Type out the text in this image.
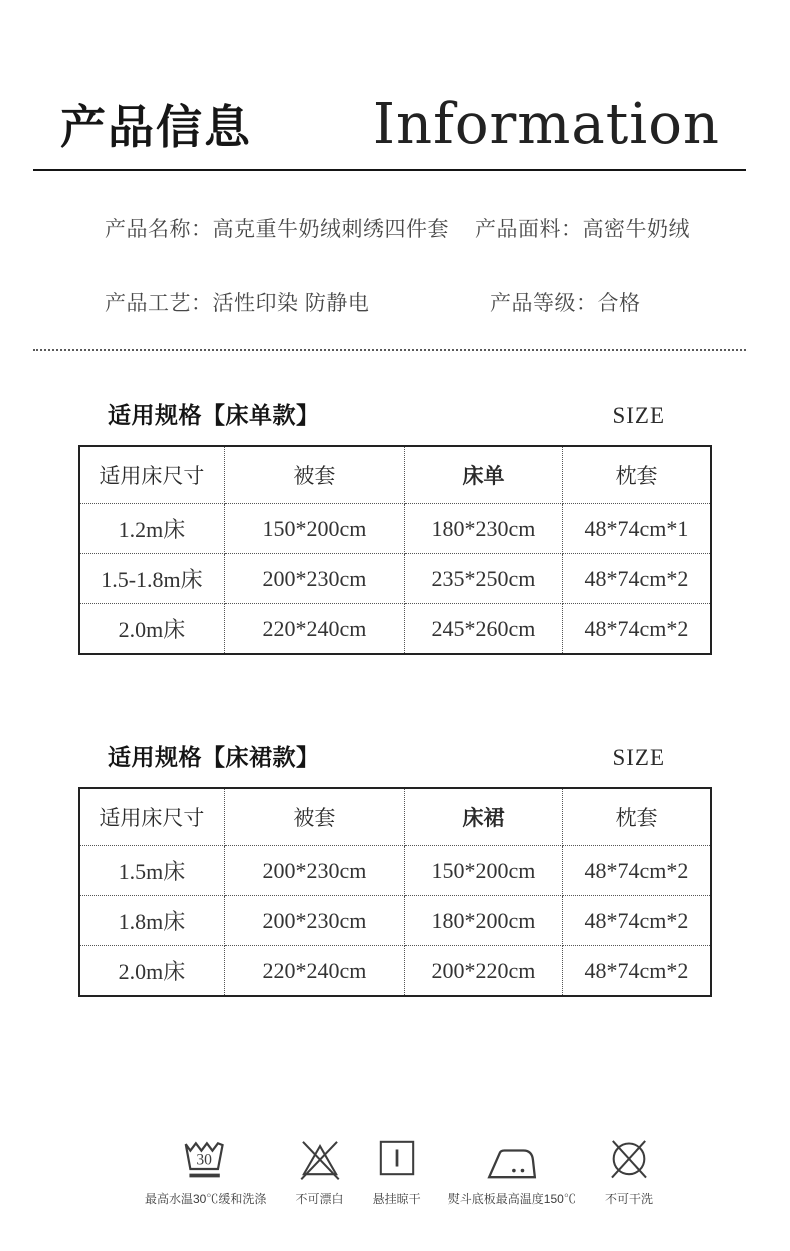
产品信息 Information
产品名称：高克重牛奶绒刺绣四件套	产品面料：高密牛奶绒
产品工艺：活性印染 防静电	产品等级：合格
适用规格【床单款】	SIZE
适用床尺寸	被套	床单	枕套
1.2m床	150*200cm	180*230cm	48*74cm*1
1.5-1.8m床	200*230cm	235*250cm	48*74cm*2
2.0m床	220*240cm	245*260cm	48*74cm*2
适用规格【床裙款】	SIZE
适用床尺寸	被套	床裙	枕套
1.5m床	200*230cm	150*200cm	48*74cm*2
1.8m床	200*230cm	180*200cm	48*74cm*2
2.0m床	220*240cm	200*220cm	48*74cm*2
30
最高水温30℃缓和洗涤 不可漂白 悬挂晾干 熨斗底板最高温度150℃ 不可干洗
